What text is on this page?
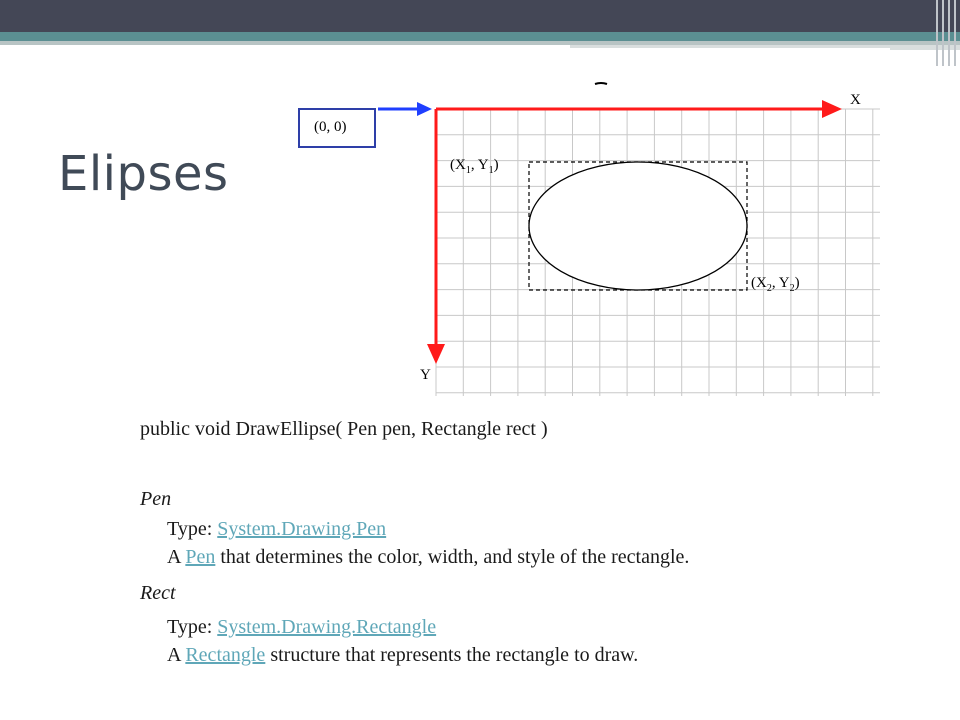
Elipses
(0, 0)
X
Y
($X_1$, $Y_1$)
($X_2$, $Y_2$)
public void DrawEllipse( Pen pen, Rectangle rect )
Pen
Type: System.Drawing.Pen
A Pen that determines the color, width, and style of the rectangle.
Rect
Type: System.Drawing.Rectangle
A Rectangle structure that represents the rectangle to draw.
